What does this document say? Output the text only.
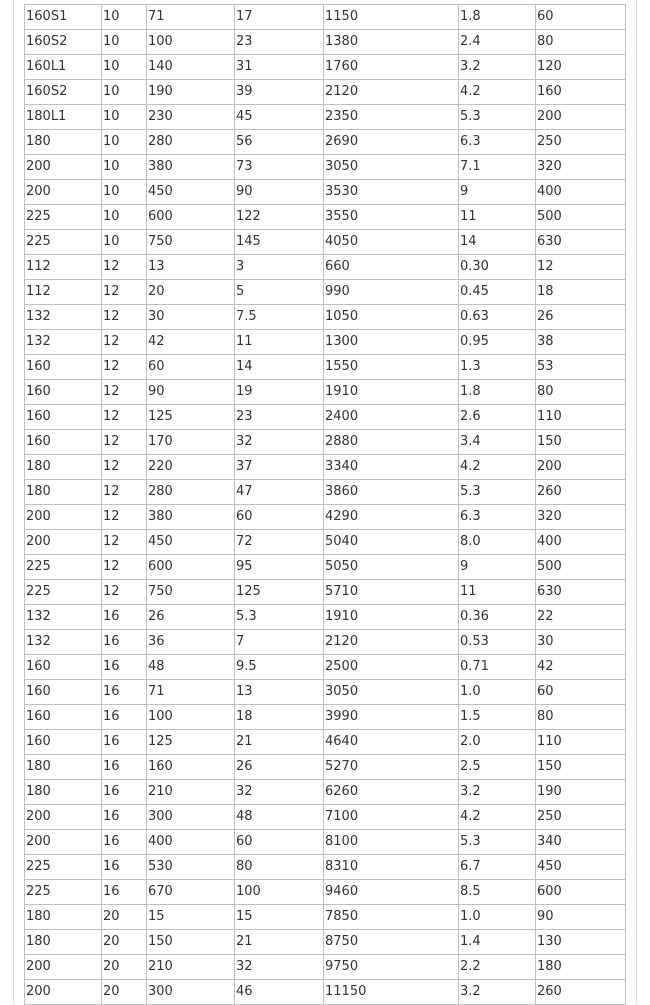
160S1	10	71	17	1150	1.8	60
160S2	10	100	23	1380	2.4	80
160L1	10	140	31	1760	3.2	120
160S2	10	190	39	2120	4.2	160
180L1	10	230	45	2350	5.3	200
180	10	280	56	2690	6.3	250
200	10	380	73	3050	7.1	320
200	10	450	90	3530	9	400
225	10	600	122	3550	11	500
225	10	750	145	4050	14	630
112	12	13	3	660	0.30	12
112	12	20	5	990	0.45	18
132	12	30	7.5	1050	0.63	26
132	12	42	11	1300	0.95	38
160	12	60	14	1550	1.3	53
160	12	90	19	1910	1.8	80
160	12	125	23	2400	2.6	110
160	12	170	32	2880	3.4	150
180	12	220	37	3340	4.2	200
180	12	280	47	3860	5.3	260
200	12	380	60	4290	6.3	320
200	12	450	72	5040	8.0	400
225	12	600	95	5050	9	500
225	12	750	125	5710	11	630
132	16	26	5.3	1910	0.36	22
132	16	36	7	2120	0.53	30
160	16	48	9.5	2500	0.71	42
160	16	71	13	3050	1.0	60
160	16	100	18	3990	1.5	80
160	16	125	21	4640	2.0	110
180	16	160	26	5270	2.5	150
180	16	210	32	6260	3.2	190
200	16	300	48	7100	4.2	250
200	16	400	60	8100	5.3	340
225	16	530	80	8310	6.7	450
225	16	670	100	9460	8.5	600
180	20	15	15	7850	1.0	90
180	20	150	21	8750	1.4	130
200	20	210	32	9750	2.2	180
200	20	300	46	11150	3.2	260
